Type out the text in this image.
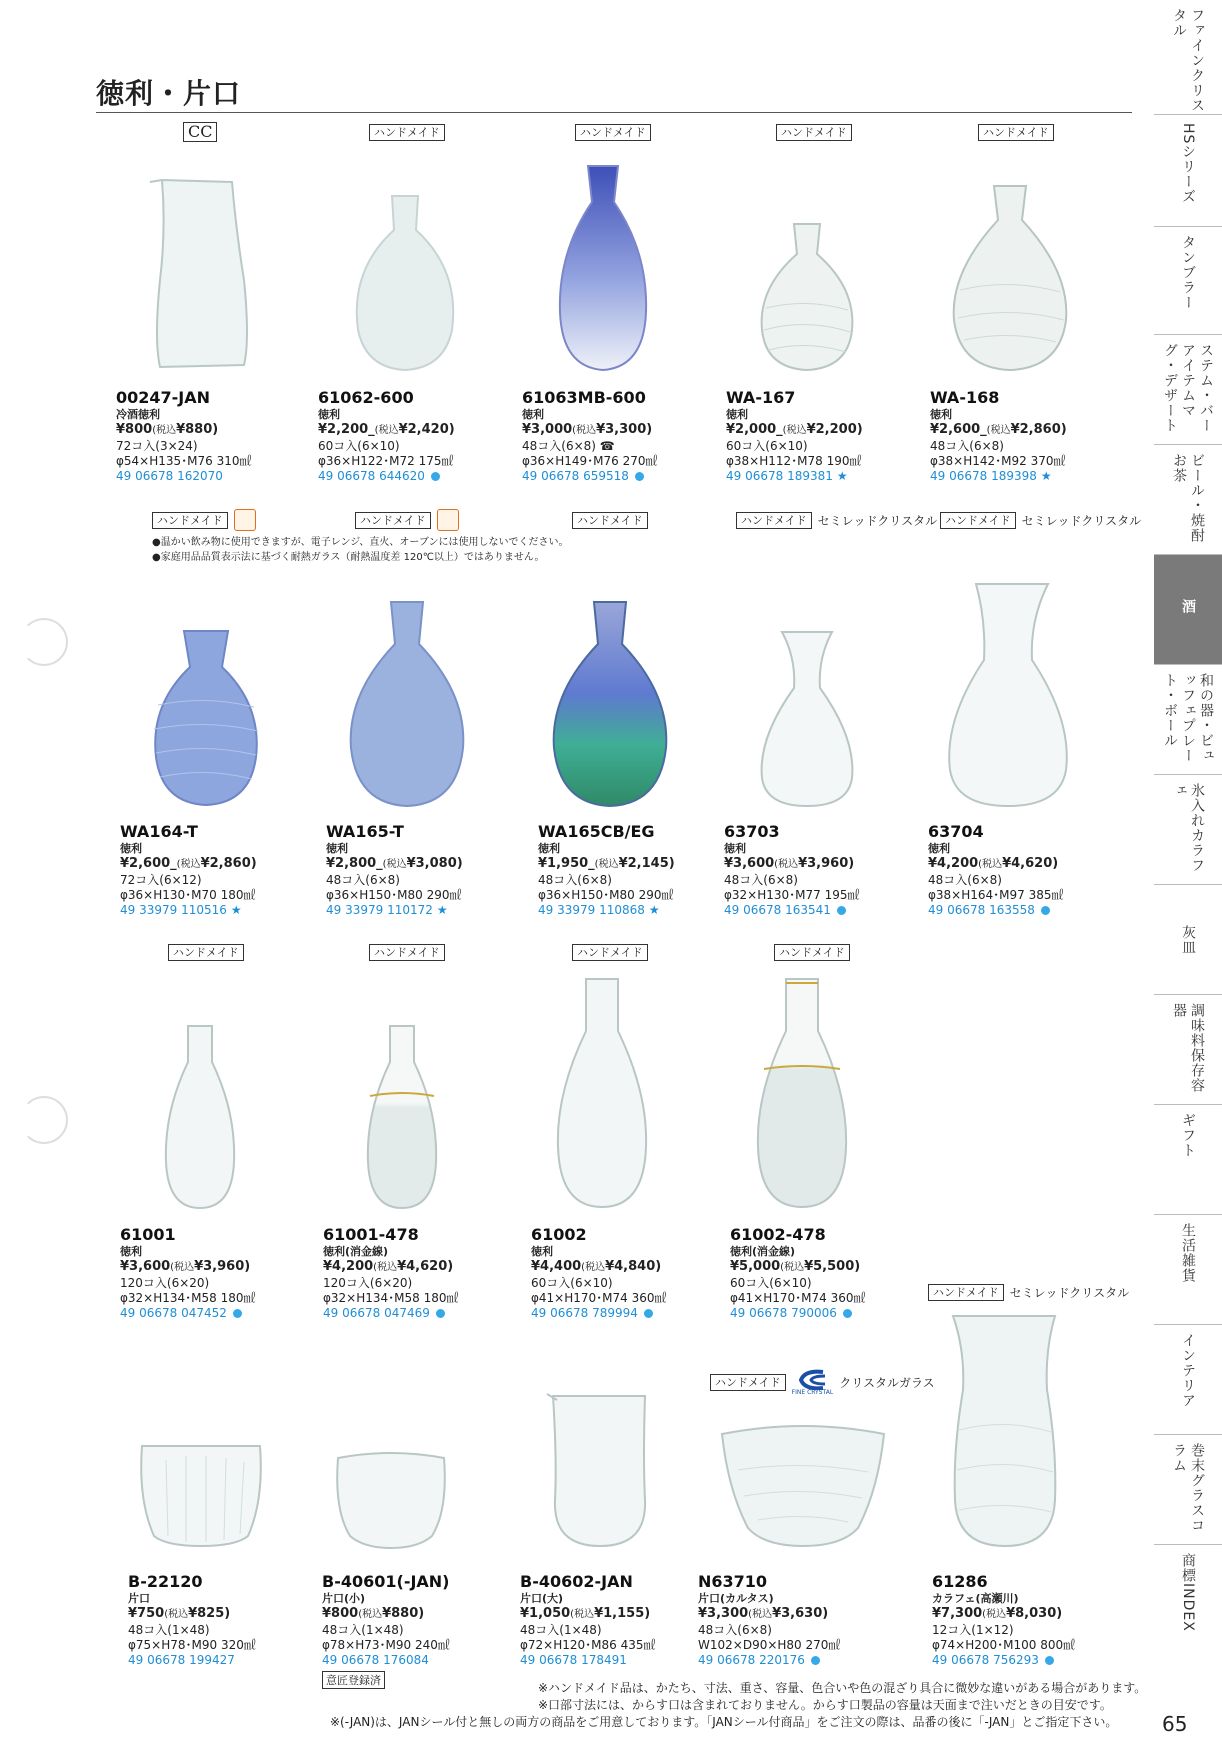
徳利・片口	ファインクリスタル
HSシリーズ
タンブラー
ステム・バーアイテムマグ・デザート
ビール・焼酎お茶
酒
和の器・ビュッフェプレート・ボール
氷入れカラフェ
灰皿
調味料保存容器
ギフト
生活雑貨
インテリア
巻末グラスコラム
商標INDEX
CC	ハンドメイド	ハンドメイド	ハンドメイド	ハンドメイド
00247-JAN
冷酒徳利
¥800(税込¥880)
72コ入(3×24)
φ54×H135･M76 310㎖
49 06678 162070
61062-600
徳利
¥2,200_(税込¥2,420)
60コ入(6×10)
φ36×H122･M72 175㎖
49 06678 644620
61063MB-600
徳利
¥3,000(税込¥3,300)
48コ入(6×8) ☎
φ36×H149･M76 270㎖
49 06678 659518
WA-167
徳利
¥2,000_(税込¥2,200)
60コ入(6×10)
φ38×H112･M78 190㎖
49 06678 189381 ★
WA-168
徳利
¥2,600_(税込¥2,860)
48コ入(6×8)
φ38×H142･M92 370㎖
49 06678 189398 ★
ハンドメイド	ハンドメイド	ハンドメイド	ハンドメイド セミレッドクリスタル ハンドメイド セミレッドクリスタル
●温かい飲み物に使用できますが、電子レンジ、直火、オーブンには使用しないでください。
●家庭用品品質表示法に基づく耐熱ガラス（耐熱温度差 120℃以上）ではありません。
WA164-T
徳利
¥2,600_(税込¥2,860)
72コ入(6×12)
φ36×H130･M70 180㎖
49 33979 110516 ★
WA165-T
徳利
¥2,800_(税込¥3,080)
48コ入(6×8)
φ36×H150･M80 290㎖
49 33979 110172 ★
WA165CB/EG
徳利
¥1,950_(税込¥2,145)
48コ入(6×8)
φ36×H150･M80 290㎖
49 33979 110868 ★
63703
徳利
¥3,600(税込¥3,960)
48コ入(6×8)
φ32×H130･M77 195㎖
49 06678 163541
63704
徳利
¥4,200(税込¥4,620)
48コ入(6×8)
φ38×H164･M97 385㎖
49 06678 163558
ハンドメイド	ハンドメイド	ハンドメイド	ハンドメイド
61001
徳利
¥3,600(税込¥3,960)
120コ入(6×20)
φ32×H134･M58 180㎖
49 06678 047452
61001-478
徳利(消金線)
¥4,200(税込¥4,620)
120コ入(6×20)
φ32×H134･M58 180㎖
49 06678 047469
61002
徳利
¥4,400(税込¥4,840)
60コ入(6×10)
φ41×H170･M74 360㎖
49 06678 789994
61002-478
徳利(消金線)
¥5,000(税込¥5,500)
60コ入(6×10)
φ41×H170･M74 360㎖
49 06678 790006
ハンドメイド
FINE CRYSTAL
クリスタルガラス
ハンドメイド セミレッドクリスタル
B-22120
片口
¥750(税込¥825)
48コ入(1×48)
φ75×H78･M90 320㎖
49 06678 199427
B-40601(-JAN)
片口(小)
¥800(税込¥880)
48コ入(1×48)
φ78×H73･M90 240㎖
49 06678 176084
意匠登録済
B-40602-JAN
片口(大)
¥1,050(税込¥1,155)
48コ入(1×48)
φ72×H120･M86 435㎖
49 06678 178491
N63710
片口(カルタス)
¥3,300(税込¥3,630)
48コ入(6×8)
W102×D90×H80 270㎖
49 06678 220176
61286
カラフェ(高瀬川)
¥7,300(税込¥8,030)
12コ入(1×12)
φ74×H200･M100 800㎖
49 06678 756293
※ハンドメイド品は、かたち、寸法、重さ、容量、色合いや色の混ざり具合に微妙な違いがある場合があります。
※口部寸法には、からす口は含まれておりません。からす口製品の容量は天面まで注いだときの目安です。
※(-JAN)は、JANシール付と無しの両方の商品をご用意しております。「JANシール付商品」をご注文の際は、品番の後に「-JAN」とご指定下さい。	65
